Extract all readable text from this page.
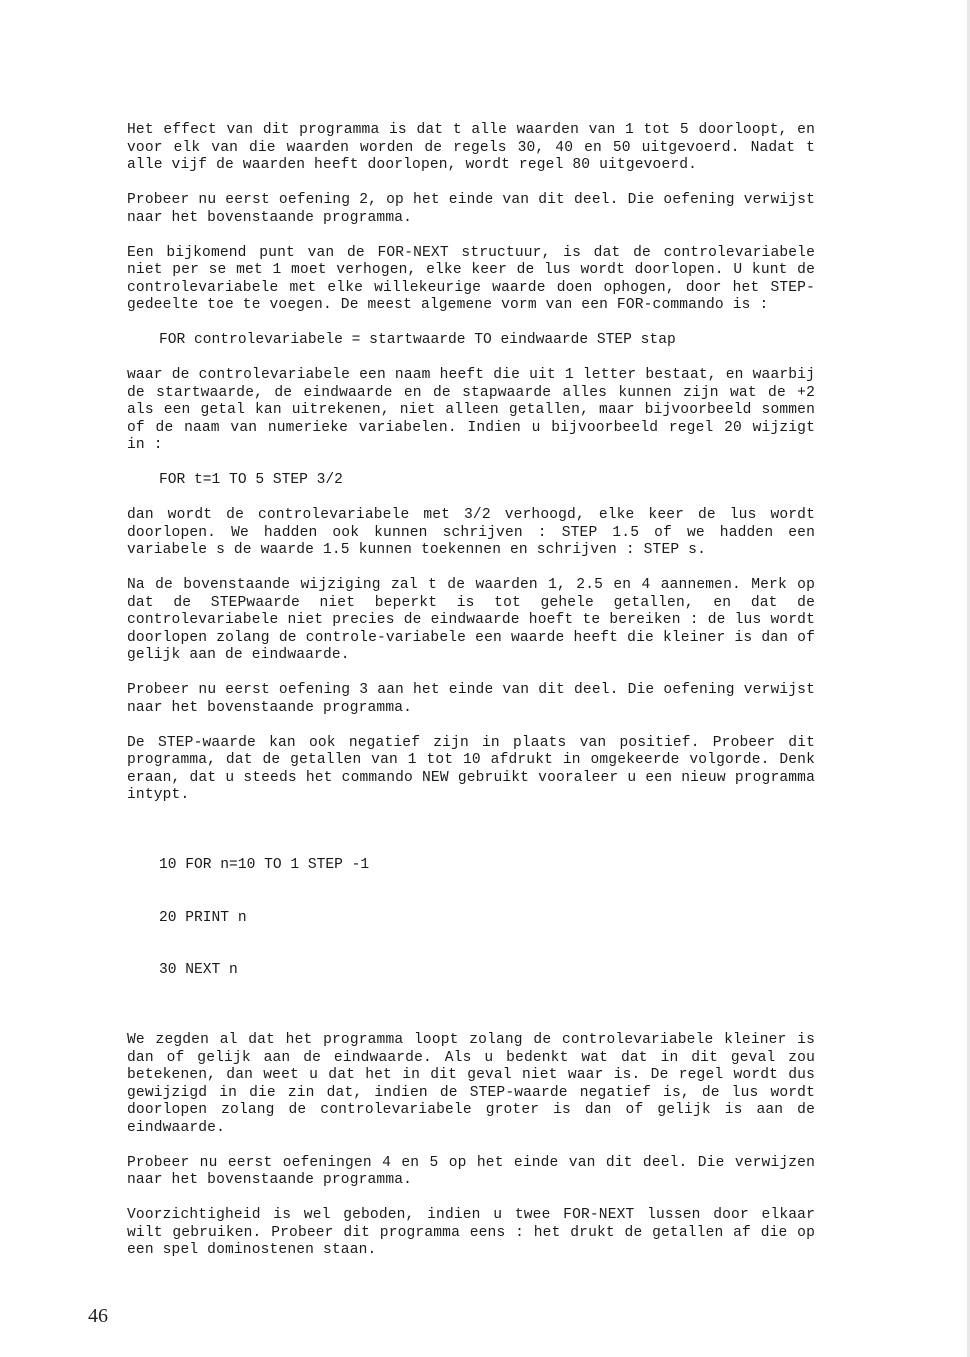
Het effect van dit programma is dat t alle waarden van 1 tot 5 doorloopt, en voor elk van die waarden worden de regels 30, 40 en 50 uitgevoerd. Nadat t alle vijf de waarden heeft doorlopen, wordt regel 80 uitgevoerd.

Probeer nu eerst oefening 2, op het einde van dit deel. Die oefening verwijst naar het bovenstaande programma.

Een bijkomend punt van de FOR-NEXT structuur, is dat de controlevariabele niet per se met 1 moet verhogen, elke keer de lus wordt doorlopen. U kunt de controlevariabele met elke willekeurige waarde doen ophogen, door het STEP-gedeelte toe te voegen. De meest algemene vorm van een FOR-commando is :

FOR controlevariabele = startwaarde TO eindwaarde STEP stap

waar de controlevariabele een naam heeft die uit 1 letter bestaat, en waarbij de startwaarde, de eindwaarde en de stapwaarde alles kunnen zijn wat de +2 als een getal kan uitrekenen, niet alleen getallen, maar bijvoorbeeld sommen of de naam van numerieke variabelen. Indien u bijvoorbeeld regel 20 wijzigt in :

FOR t=1 TO 5 STEP 3/2

dan wordt de controlevariabele met 3/2 verhoogd, elke keer de lus wordt doorlopen. We hadden ook kunnen schrijven : STEP 1.5 of we hadden een variabele s de waarde 1.5 kunnen toekennen en schrijven : STEP s.

Na de bovenstaande wijziging zal t de waarden 1, 2.5 en 4 aannemen. Merk op dat de STEPwaarde niet beperkt is tot gehele getallen, en dat de controlevariabele niet precies de eindwaarde hoeft te bereiken : de lus wordt doorlopen zolang de controle-variabele een waarde heeft die kleiner is dan of gelijk aan de eindwaarde.

Probeer nu eerst oefening 3 aan het einde van dit deel. Die oefening verwijst naar het bovenstaande programma.

De STEP-waarde kan ook negatief zijn in plaats van positief. Probeer dit programma, dat de getallen van 1 tot 10 afdrukt in omgekeerde volgorde. Denk eraan, dat u steeds het commando NEW gebruikt vooraleer u een nieuw programma intypt.

10 FOR n=10 TO 1 STEP -1

20 PRINT n

30 NEXT n

We zegden al dat het programma loopt zolang de controlevariabele kleiner is dan of gelijk aan de eindwaarde. Als u bedenkt wat dat in dit geval zou betekenen, dan weet u dat het in dit geval niet waar is. De regel wordt dus gewijzigd in die zin dat, indien de STEP-waarde negatief is, de lus wordt doorlopen zolang de controlevariabele groter is dan of gelijk is aan de eindwaarde.

Probeer nu eerst oefeningen 4 en 5 op het einde van dit deel. Die verwijzen naar het bovenstaande programma.

Voorzichtigheid is wel geboden, indien u twee FOR-NEXT lussen door elkaar wilt gebruiken. Probeer dit programma eens : het drukt de getallen af die op een spel dominostenen staan.

46
